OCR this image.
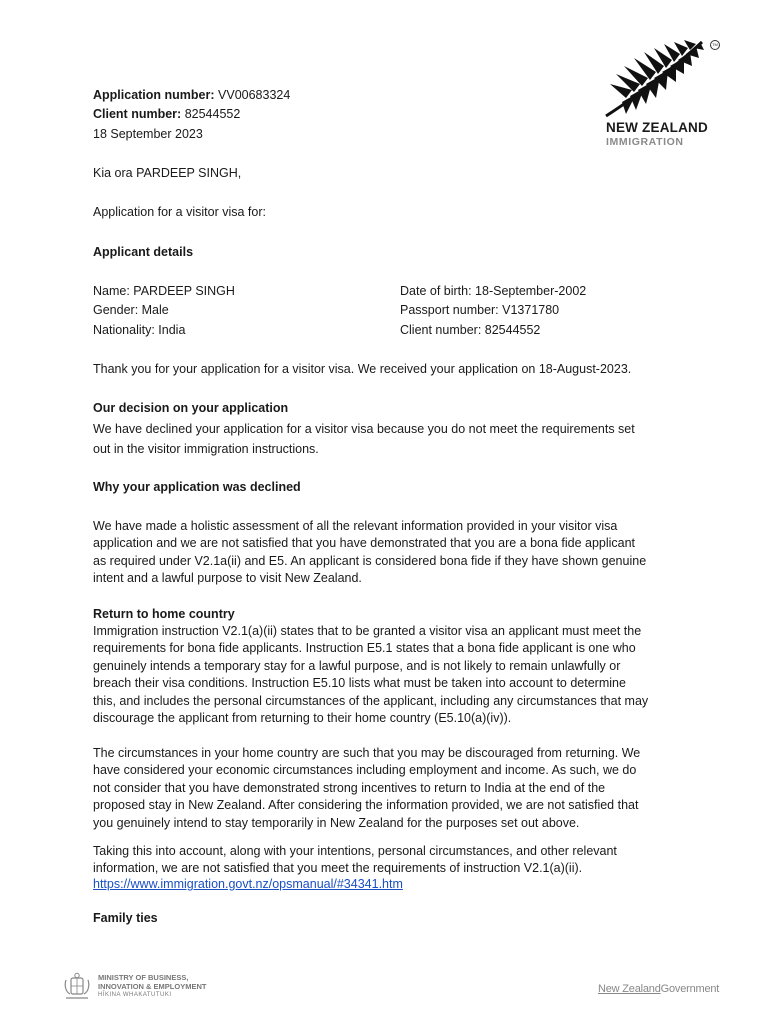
TM
NEW ZEALAND
IMMIGRATION
Application number: VV00683324
Client number: 82544552
18 September 2023
Kia ora PARDEEP SINGH,
Application for a visitor visa for:
Applicant details
Name: PARDEEP SINGH
Gender: Male
Nationality: India
Date of birth: 18-September-2002
Passport number: V1371780
Client number: 82544552
Thank you for your application for a visitor visa. We received your application on 18-August-2023.
Our decision on your application
We have declined your application for a visitor visa because you do not meet the requirements set
out in the visitor immigration instructions.
Why your application was declined
We have made a holistic assessment of all the relevant information provided in your visitor visa
application and we are not satisfied that you have demonstrated that you are a bona fide applicant
as required under V2.1a(ii) and E5. An applicant is considered bona fide if they have shown genuine
intent and a lawful purpose to visit New Zealand.
Return to home country
Immigration instruction V2.1(a)(ii) states that to be granted a visitor visa an applicant must meet the
requirements for bona fide applicants. Instruction E5.1 states that a bona fide applicant is one who
genuinely intends a temporary stay for a lawful purpose, and is not likely to remain unlawfully or
breach their visa conditions. Instruction E5.10 lists what must be taken into account to determine
this, and includes the personal circumstances of the applicant, including any circumstances that may
discourage the applicant from returning to their home country (E5.10(a)(iv)).
The circumstances in your home country are such that you may be discouraged from returning. We
have considered your economic circumstances including employment and income. As such, we do
not consider that you have demonstrated strong incentives to return to India at the end of the
proposed stay in New Zealand. After considering the information provided, we are not satisfied that
you genuinely intend to stay temporarily in New Zealand for the purposes set out above.
Taking this into account, along with your intentions, personal circumstances, and other relevant
information, we are not satisfied that you meet the requirements of instruction V2.1(a)(ii).
https://www.immigration.govt.nz/opsmanual/#34341.htm
Family ties
MINISTRY OF BUSINESS,
INNOVATION & EMPLOYMENT
HĪKINA WHAKATUTUKI	New ZealandGovernment
